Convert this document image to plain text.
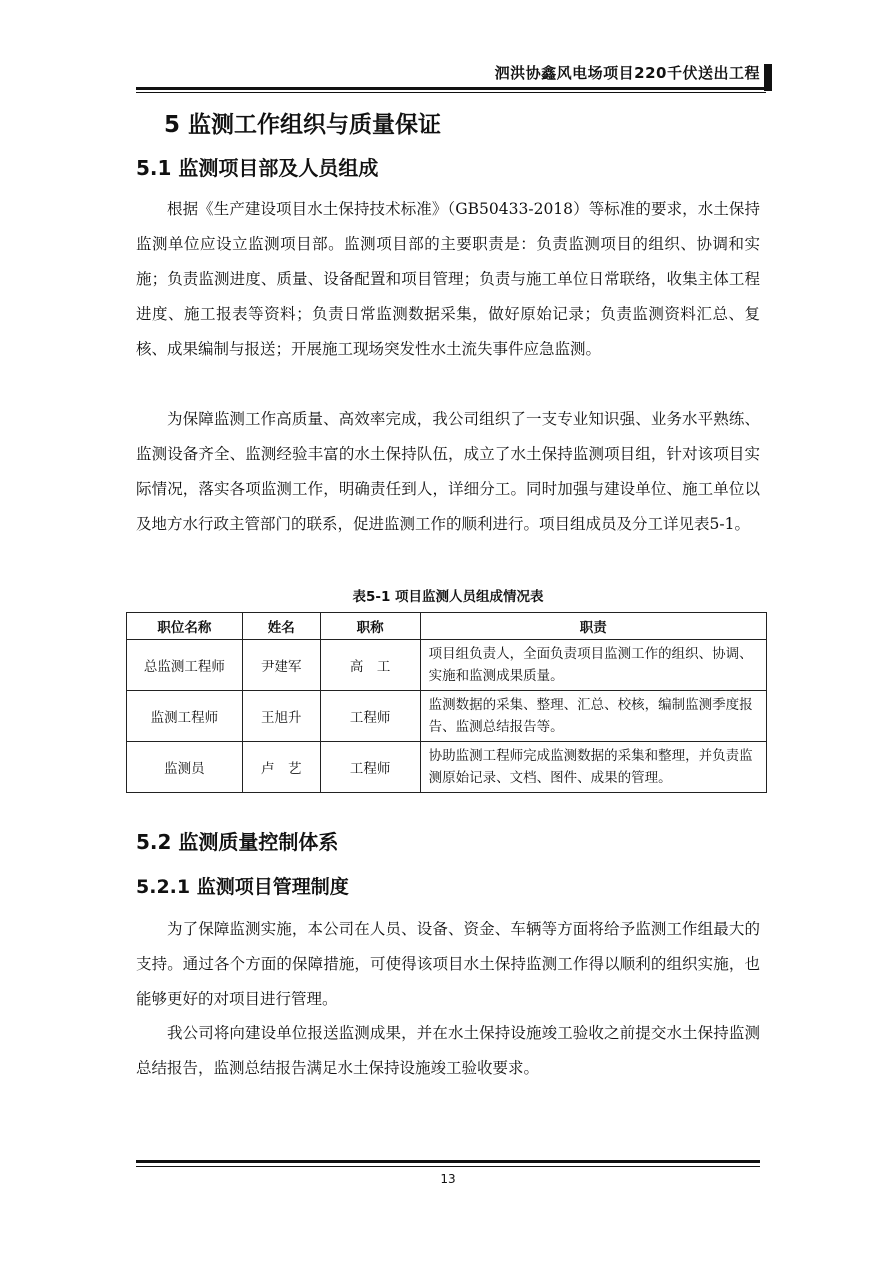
泗洪协鑫风电场项目220千伏送出工程
5 监测工作组织与质量保证
5.1 监测项目部及人员组成

根据《生产建设项目水土保持技术标准》（GB50433-2018）等标准的要求，水土保持监测单位应设立监测项目部。监测项目部的主要职责是：负责监测项目的组织、协调和实施；负责监测进度、质量、设备配置和项目管理；负责与施工单位日常联络，收集主体工程进度、施工报表等资料；负责日常监测数据采集，做好原始记录；负责监测资料汇总、复核、成果编制与报送；开展施工现场突发性水土流失事件应急监测。

为保障监测工作高质量、高效率完成，我公司组织了一支专业知识强、业务水平熟练、监测设备齐全、监测经验丰富的水土保持队伍，成立了水土保持监测项目组，针对该项目实际情况，落实各项监测工作，明确责任到人，详细分工。同时加强与建设单位、施工单位以及地方水行政主管部门的联系，促进监测工作的顺利进行。项目组成员及分工详见表5-1。

表5-1 项目监测人员组成情况表
职位名称	姓名	职称	职责
总监测工程师	尹建军	高　工	项目组负责人，全面负责项目监测工作的组织、协调、实施和监测成果质量。
监测工程师	王旭升	工程师	监测数据的采集、整理、汇总、校核，编制监测季度报告、监测总结报告等。
监测员	卢　艺	工程师	协助监测工程师完成监测数据的采集和整理，并负责监测原始记录、文档、图件、成果的管理。
5.2 监测质量控制体系
5.2.1 监测项目管理制度

为了保障监测实施，本公司在人员、设备、资金、车辆等方面将给予监测工作组最大的支持。通过各个方面的保障措施，可使得该项目水土保持监测工作得以顺利的组织实施，也能够更好的对项目进行管理。

我公司将向建设单位报送监测成果，并在水土保持设施竣工验收之前提交水土保持监测总结报告，监测总结报告满足水土保持设施竣工验收要求。

13
